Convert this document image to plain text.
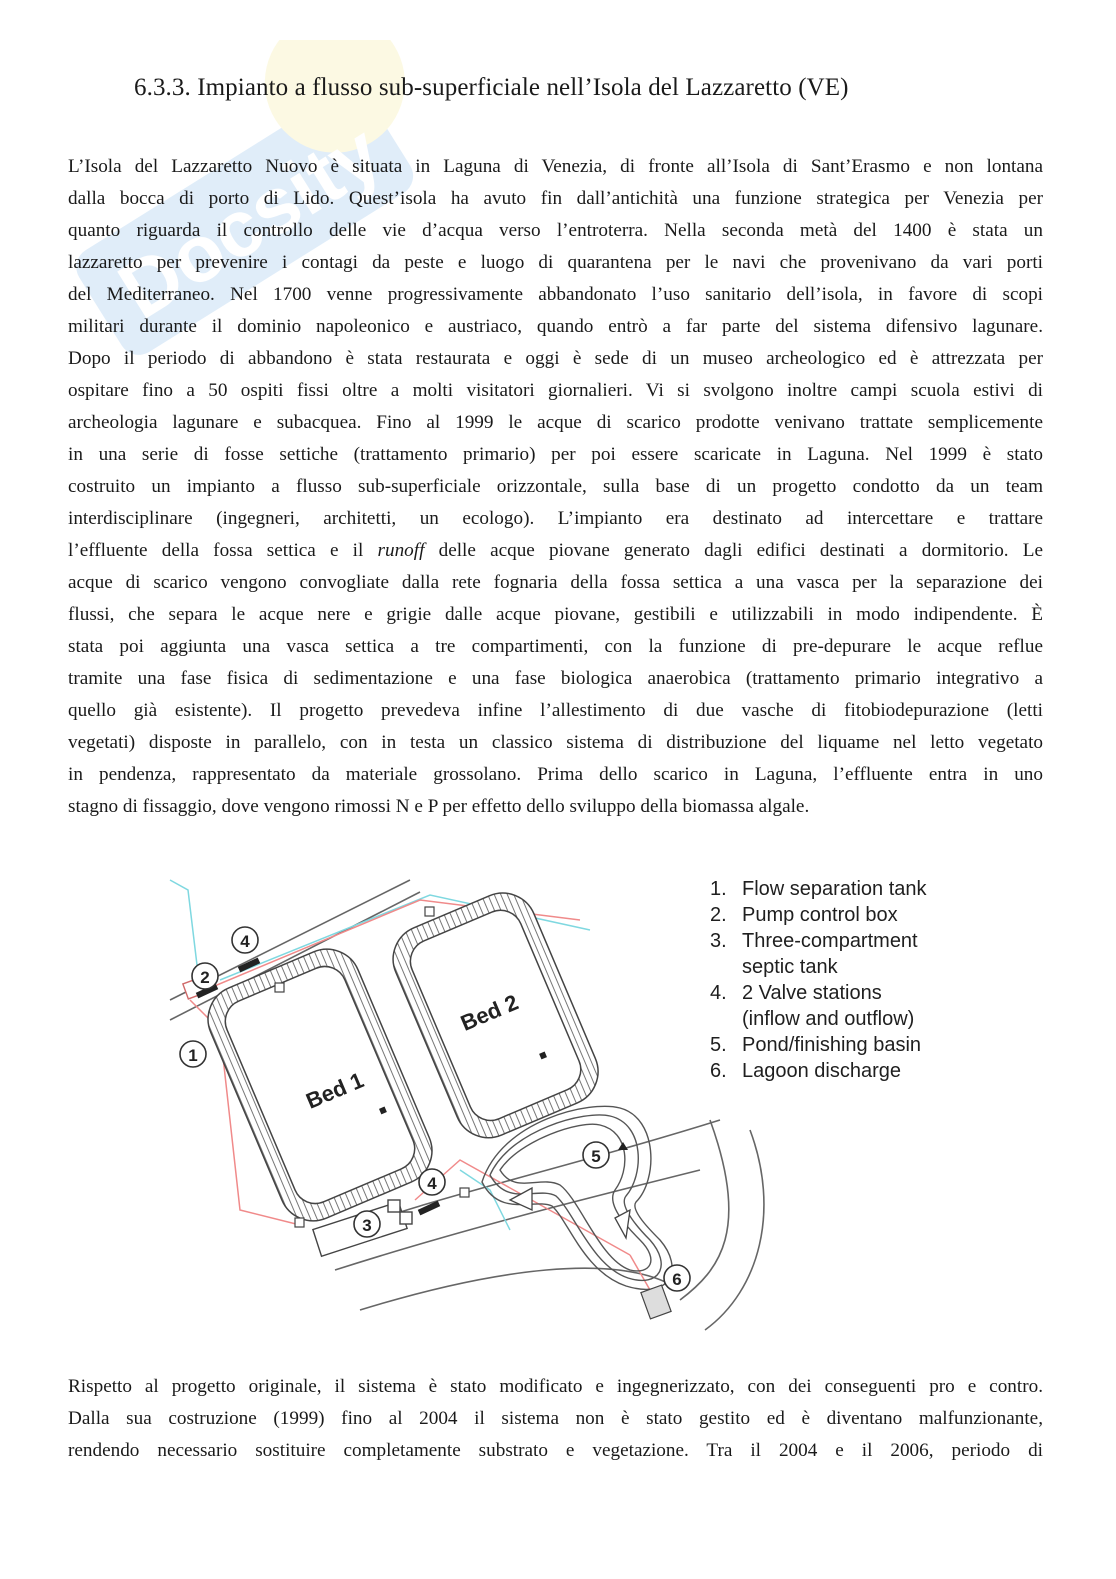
Docsity
6.3.3. Impianto a flusso sub-superficiale nell’Isola del Lazzaretto (VE)

L’Isola del Lazzaretto Nuovo è situata in Laguna di Venezia, di fronte all’Isola di Sant’Erasmo e non lontana
dalla bocca di porto di Lido. Quest’isola ha avuto fin dall’antichità una funzione strategica per Venezia per
quanto riguarda il controllo delle vie d’acqua verso l’entroterra. Nella seconda metà del 1400 è stata un
lazzaretto per prevenire i contagi da peste e luogo di quarantena per le navi che provenivano da vari porti
del Mediterraneo. Nel 1700 venne progressivamente abbandonato l’uso sanitario dell’isola, in favore di scopi
militari durante il dominio napoleonico e austriaco, quando entrò a far parte del sistema difensivo lagunare.
Dopo il periodo di abbandono è stata restaurata e oggi è sede di un museo archeologico ed è attrezzata per
ospitare fino a 50 ospiti fissi oltre a molti visitatori giornalieri. Vi si svolgono inoltre campi scuola estivi di
archeologia lagunare e subacquea. Fino al 1999 le acque di scarico prodotte venivano trattate semplicemente
in una serie di fosse settiche (trattamento primario) per poi essere scaricate in Laguna. Nel 1999 è stato
costruito un impianto a flusso sub-superficiale orizzontale, sulla base di un progetto condotto da un team
interdisciplinare (ingegneri, architetti, un ecologo). L’impianto era destinato ad intercettare e trattare
l’effluente della fossa settica e il runoff delle acque piovane generato dagli edifici destinati a dormitorio. Le
acque di scarico vengono convogliate dalla rete fognaria della fossa settica a una vasca per la separazione dei
flussi, che separa le acque nere e grigie dalle acque piovane, gestibili e utilizzabili in modo indipendente. È
stata poi aggiunta una vasca settica a tre compartimenti, con la funzione di pre-depurare le acque reflue
tramite una fase fisica di sedimentazione e una fase biologica anaerobica (trattamento primario integrativo a
quello già esistente). Il progetto prevedeva infine l’allestimento di due vasche di fitobiodepurazione (letti
vegetati) disposte in parallelo, con in testa un classico sistema di distribuzione del liquame nel letto vegetato
in pendenza, rappresentato da materiale grossolano. Prima dello scarico in Laguna, l’effluente entra in uno
stagno di fissaggio, dove vengono rimossi N e P per effetto dello sviluppo della biomassa algale.

Bed 1
Bed 2
1
2
3
4
4
5
6
1. Flow separation tank
2. Pump control box
3. Three-compartment
septic tank
4. 2 Valve stations
(inflow and outflow)
5. Pond/finishing basin
6. Lagoon discharge

Rispetto al progetto originale, il sistema è stato modificato e ingegnerizzato, con dei conseguenti pro e contro.
Dalla sua costruzione (1999) fino al 2004 il sistema non è stato gestito ed è diventano malfunzionante,
rendendo necessario sostituire completamente substrato e vegetazione. Tra il 2004 e il 2006, periodo di
